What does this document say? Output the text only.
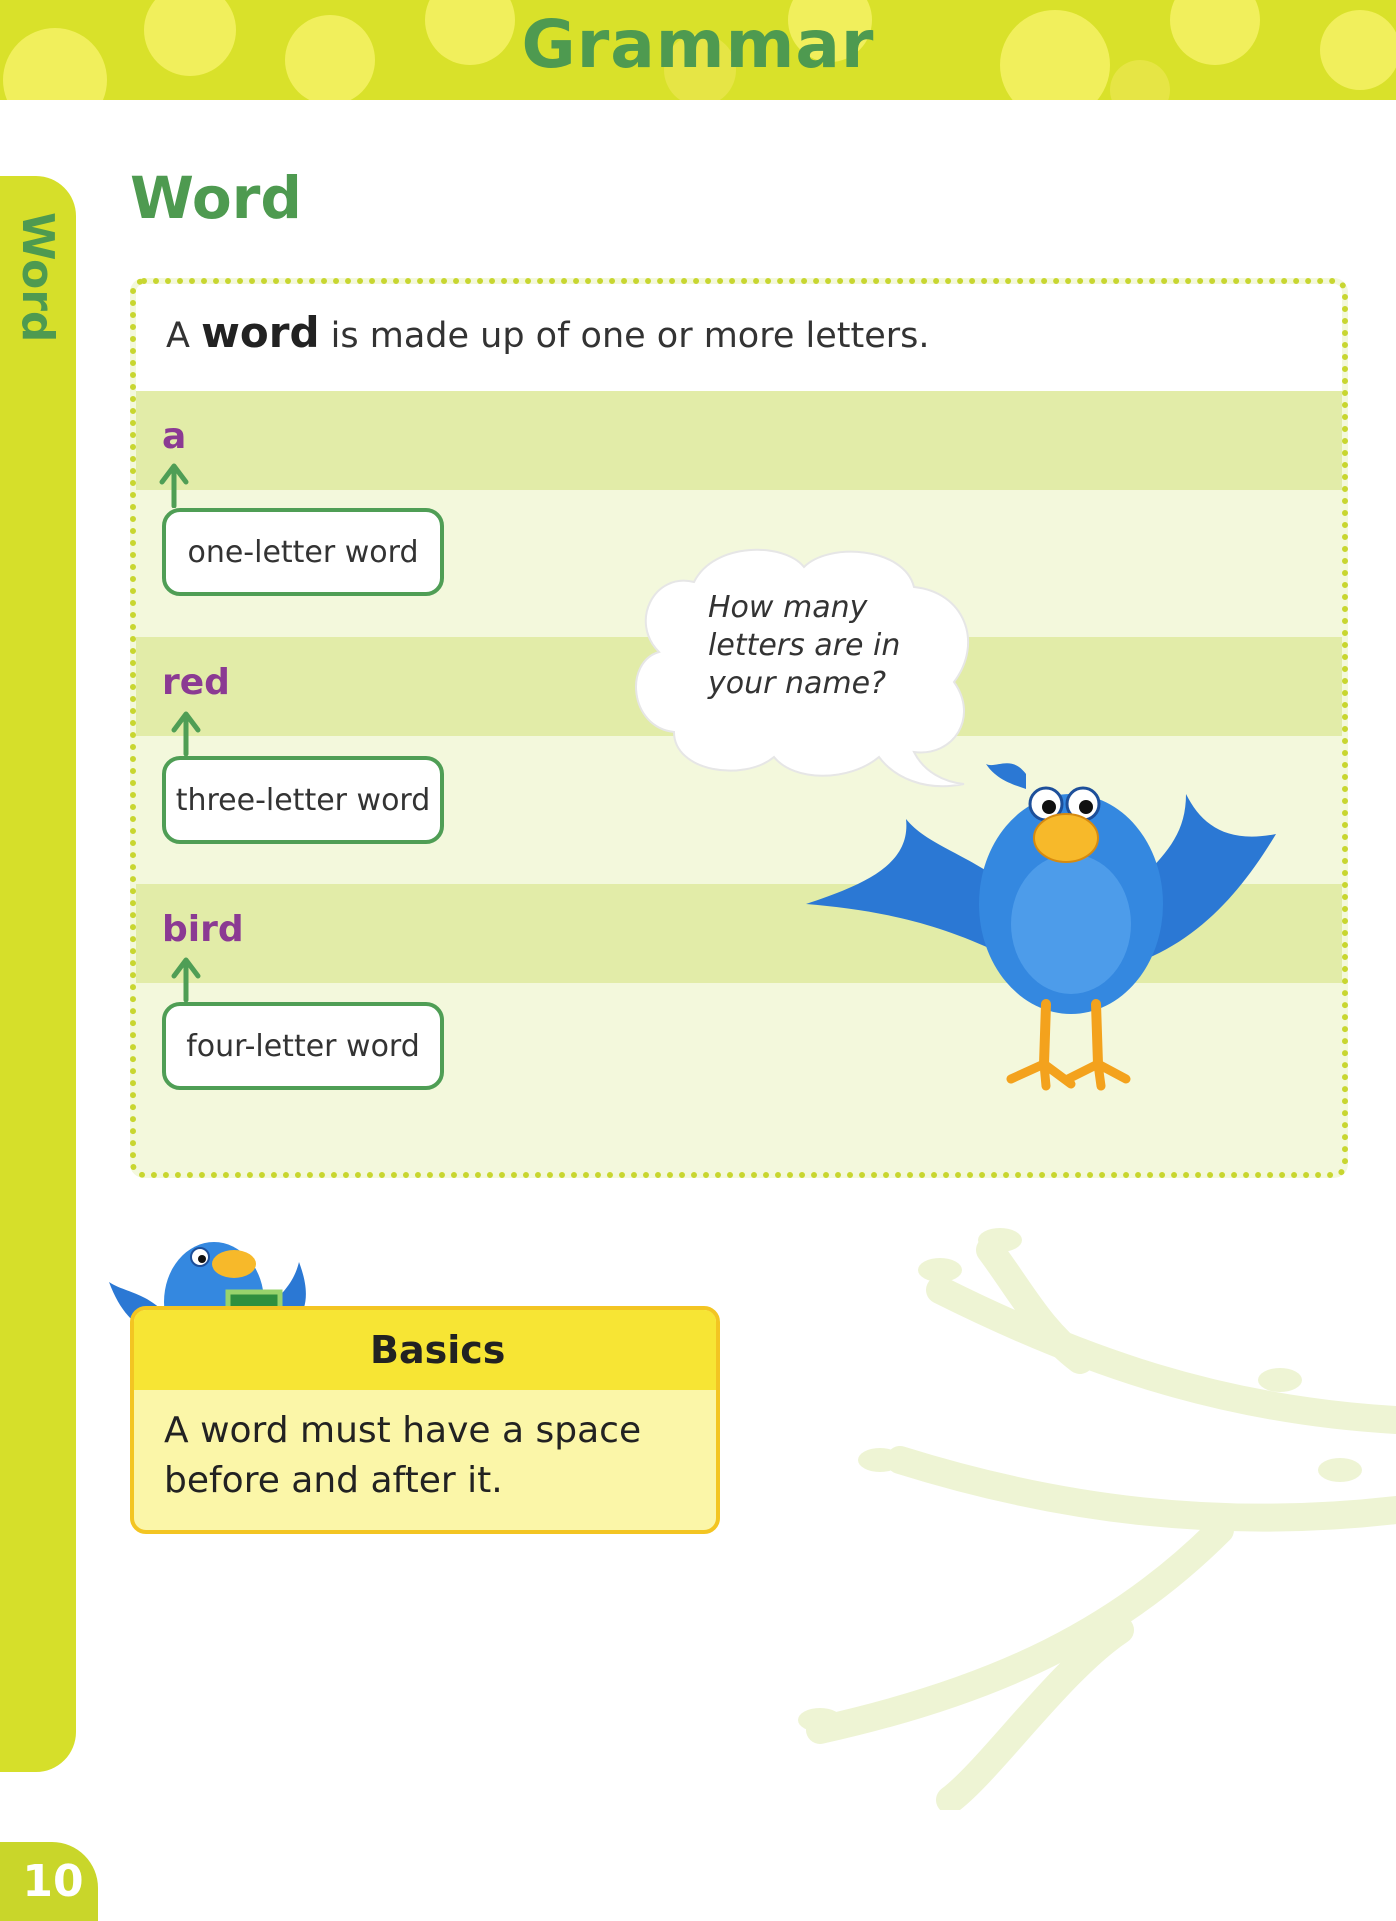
Grammar
Word
10
Word
A word is made up of one or more letters.
a
one-letter word
red
three-letter word
bird
four-letter word
How many letters are in your name?
Basics
A word must have a space before and after it.
